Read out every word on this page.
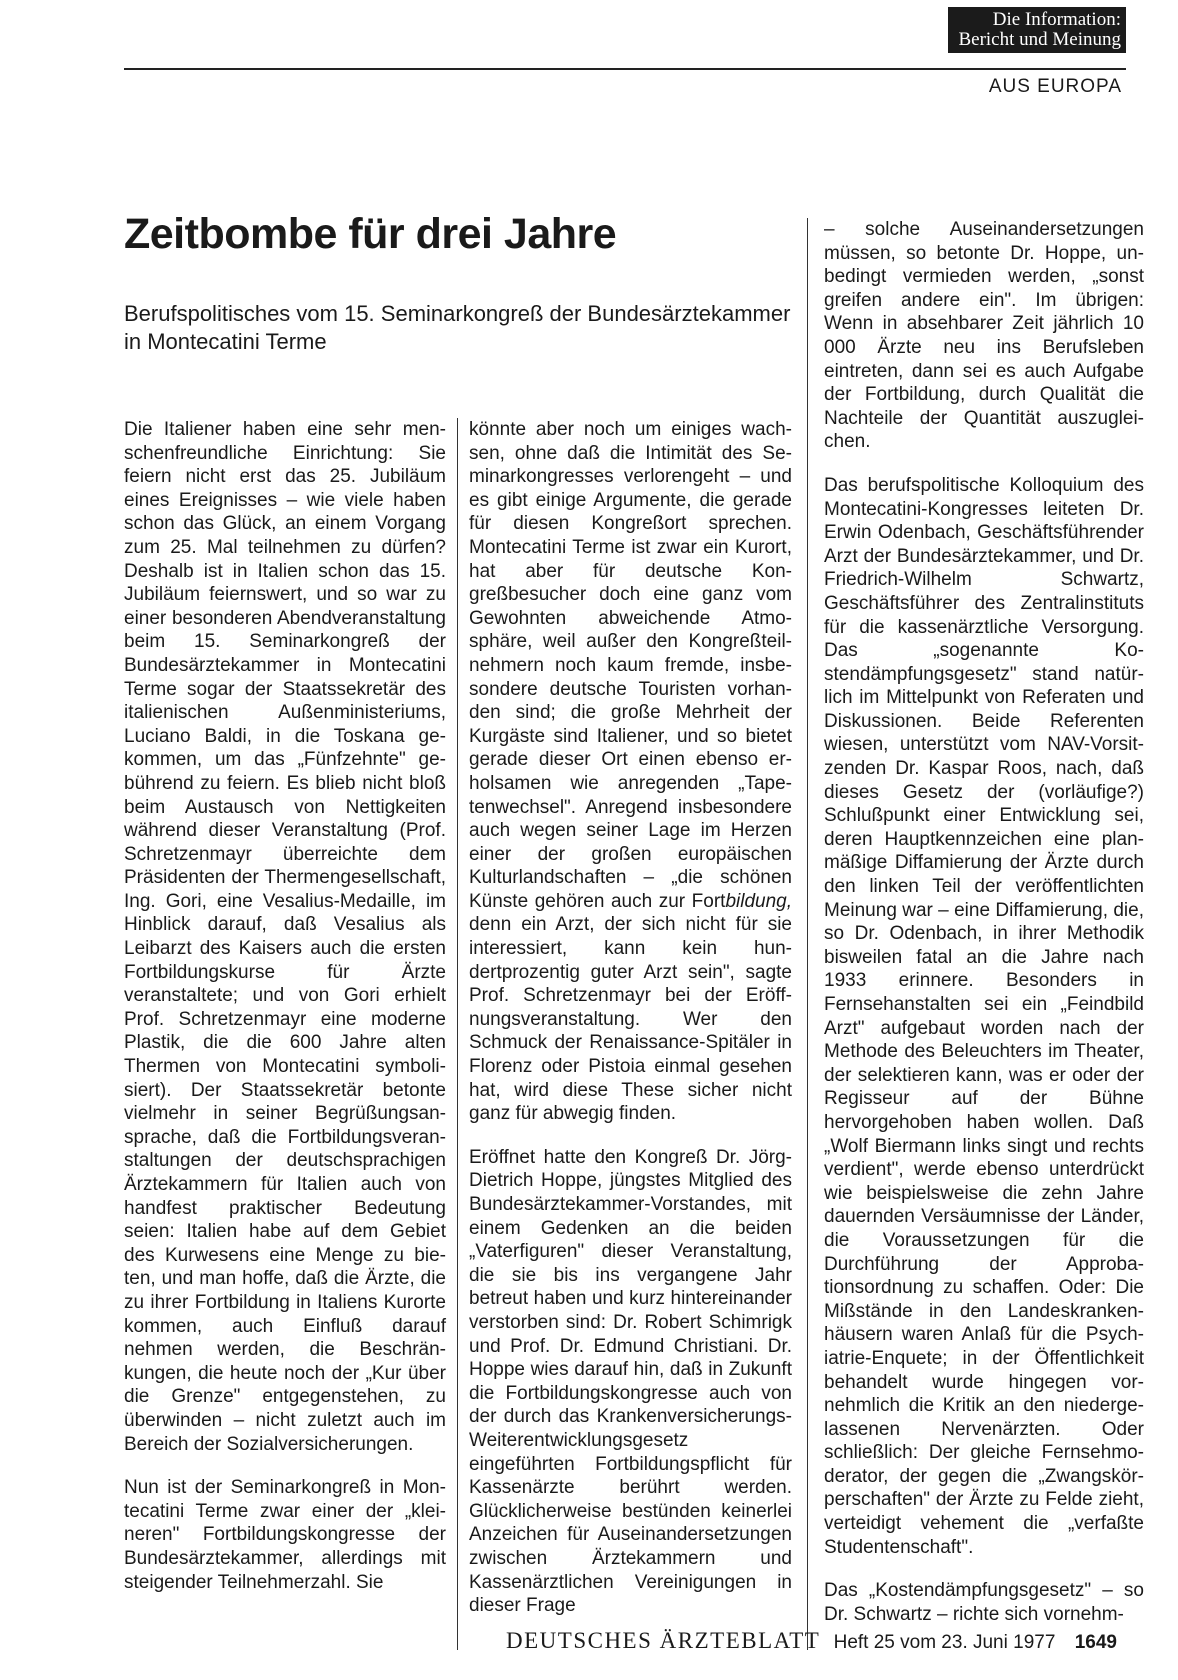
Die Information:
Bericht und Meinung
AUS EUROPA
Zeitbombe für drei Jahre
Berufspolitisches vom 15. Seminarkongreß der Bundesärztekammer in Montecatini Terme

Die Italiener haben eine sehr menschenfreundliche Einrichtung: Sie feiern nicht erst das 25. Jubiläum eines Ereignisses – wie viele haben schon das Glück, an einem Vorgang zum 25. Mal teilnehmen zu dürfen? Deshalb ist in Italien schon das 15. Jubiläum feiernswert, und so war zu einer besonderen Abendveranstaltung beim 15. Seminarkongreß der Bundesärztekammer in Montecatini Terme sogar der Staatssekretär des italienischen Außenministeriums, Luciano Baldi, in die Toskana gekommen, um das „Fünfzehnte" gebührend zu feiern. Es blieb nicht bloß beim Austausch von Nettigkeiten während dieser Veranstaltung (Prof. Schretzenmayr überreichte dem Präsidenten der Thermengesellschaft, Ing. Gori, eine Vesalius-Medaille, im Hinblick darauf, daß Vesalius als Leibarzt des Kaisers auch die ersten Fortbildungskurse für Ärzte veranstaltete; und von Gori erhielt Prof. Schretzenmayr eine moderne Plastik, die die 600 Jahre alten Thermen von Montecatini symbolisiert). Der Staatssekretär betonte vielmehr in seiner Begrüßungsansprache, daß die Fortbildungsveranstaltungen der deutschsprachigen Ärztekammern für Italien auch von handfest praktischer Bedeutung seien: Italien habe auf dem Gebiet des Kurwesens eine Menge zu bieten, und man hoffe, daß die Ärzte, die zu ihrer Fortbildung in Italiens Kurorte kommen, auch Einfluß darauf nehmen werden, die Beschränkungen, die heute noch der „Kur über die Grenze" entgegenstehen, zu überwinden – nicht zuletzt auch im Bereich der Sozialversicherungen.

Nun ist der Seminarkongreß in Montecatini Terme zwar einer der „kleineren" Fortbildungskongresse der Bundesärztekammer, allerdings mit steigender Teilnehmerzahl. Sie

könnte aber noch um einiges wachsen, ohne daß die Intimität des Seminarkongresses verlorengeht – und es gibt einige Argumente, die gerade für diesen Kongreßort sprechen. Montecatini Terme ist zwar ein Kurort, hat aber für deutsche Kongreßbesucher doch eine ganz vom Gewohnten abweichende Atmosphäre, weil außer den Kongreßteilnehmern noch kaum fremde, insbesondere deutsche Touristen vorhanden sind; die große Mehrheit der Kurgäste sind Italiener, und so bietet gerade dieser Ort einen ebenso erholsamen wie anregenden „Tapetenwechsel". Anregend insbesondere auch wegen seiner Lage im Herzen einer der großen europäischen Kulturlandschaften – „die schönen Künste gehören auch zur Fortbildung, denn ein Arzt, der sich nicht für sie interessiert, kann kein hundertprozentig guter Arzt sein", sagte Prof. Schretzenmayr bei der Eröffnungsveranstaltung. Wer den Schmuck der Renaissance-Spitäler in Florenz oder Pistoia einmal gesehen hat, wird diese These sicher nicht ganz für abwegig finden.

Eröffnet hatte den Kongreß Dr. Jörg-Dietrich Hoppe, jüngstes Mitglied des Bundesärztekammer-Vorstandes, mit einem Gedenken an die beiden „Vaterfiguren" dieser Veranstaltung, die sie bis ins vergangene Jahr betreut haben und kurz hintereinander verstorben sind: Dr. Robert Schimrigk und Prof. Dr. Edmund Christiani. Dr. Hoppe wies darauf hin, daß in Zukunft die Fortbildungskongresse auch von der durch das Krankenversicherungs-Weiterentwicklungsgesetz eingeführten Fortbildungspflicht für Kassenärzte berührt werden. Glücklicherweise bestünden keinerlei Anzeichen für Auseinandersetzungen zwischen Ärztekammern und Kassenärztlichen Vereinigungen in dieser Frage

– solche Auseinandersetzungen müssen, so betonte Dr. Hoppe, unbedingt vermieden werden, „sonst greifen andere ein". Im übrigen: Wenn in absehbarer Zeit jährlich 10 000 Ärzte neu ins Berufsleben eintreten, dann sei es auch Aufgabe der Fortbildung, durch Qualität die Nachteile der Quantität auszugleichen.

Das berufspolitische Kolloquium des Montecatini-Kongresses leiteten Dr. Erwin Odenbach, Geschäftsführender Arzt der Bundesärztekammer, und Dr. Friedrich-Wilhelm Schwartz, Geschäftsführer des Zentralinstituts für die kassenärztliche Versorgung. Das „sogenannte Kostendämpfungsgesetz" stand natürlich im Mittelpunkt von Referaten und Diskussionen. Beide Referenten wiesen, unterstützt vom NAV-Vorsitzenden Dr. Kaspar Roos, nach, daß dieses Gesetz der (vorläufige?) Schlußpunkt einer Entwicklung sei, deren Hauptkennzeichen eine planmäßige Diffamierung der Ärzte durch den linken Teil der veröffentlichten Meinung war – eine Diffamierung, die, so Dr. Odenbach, in ihrer Methodik bisweilen fatal an die Jahre nach 1933 erinnere. Besonders in Fernsehanstalten sei ein „Feindbild Arzt" aufgebaut worden nach der Methode des Beleuchters im Theater, der selektieren kann, was er oder der Regisseur auf der Bühne hervorgehoben haben wollen. Daß „Wolf Biermann links singt und rechts verdient", werde ebenso unterdrückt wie beispielsweise die zehn Jahre dauernden Versäumnisse der Länder, die Voraussetzungen für die Durchführung der Approbationsordnung zu schaffen. Oder: Die Mißstände in den Landeskrankenhäusern waren Anlaß für die Psychiatrie-Enquete; in der Öffentlichkeit behandelt wurde hingegen vornehmlich die Kritik an den niedergelassenen Nervenärzten. Oder schließlich: Der gleiche Fernsehmoderator, der gegen die „Zwangskörperschaften" der Ärzte zu Felde zieht, verteidigt vehement die „verfaßte Studentenschaft".

Das „Kostendämpfungsgesetz" – so Dr. Schwartz – richte sich vornehm-

DEUTSCHES ÄRZTEBLATT Heft 25 vom 23. Juni 1977 1649
